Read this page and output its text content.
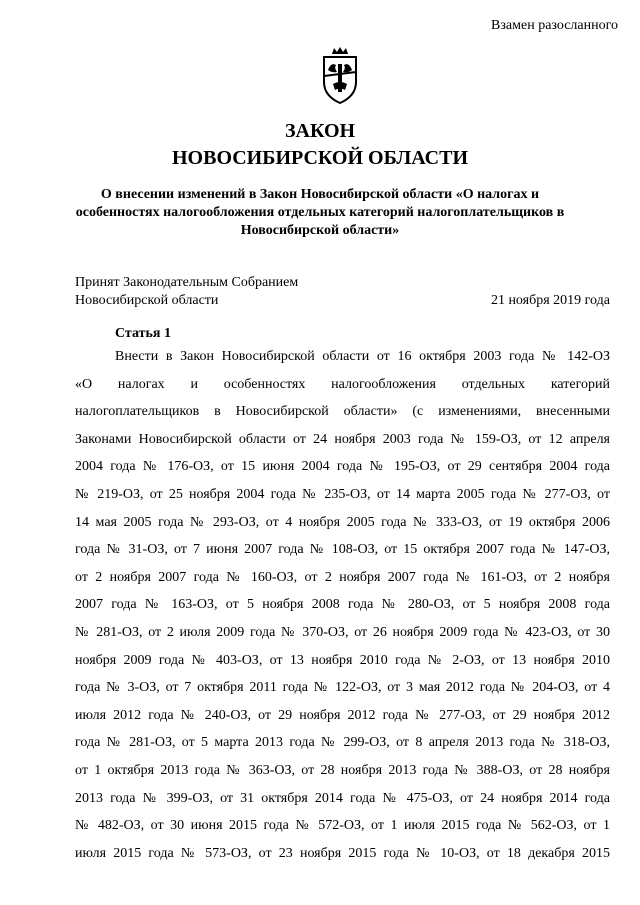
Взамен разосланного
ЗАКОН
НОВОСИБИРСКОЙ ОБЛАСТИ
О внесении изменений в Закон Новосибирской области «О налогах и особенностях налогообложения отдельных категорий налогоплательщиков в Новосибирской области»
Принят Законодательным Собранием
Новосибирской области	21 ноября 2019 года
Статья 1
Внести в Закон Новосибирской области от 16 октября 2003 года № 142-ОЗ
«О налогах и особенностях налогообложения отдельных категорий
налогоплательщиков в Новосибирской области» (с изменениями, внесенными
Законами Новосибирской области от 24 ноября 2003 года № 159-ОЗ, от 12 апреля
2004 года № 176-ОЗ, от 15 июня 2004 года № 195-ОЗ, от 29 сентября 2004 года
№ 219-ОЗ, от 25 ноября 2004 года № 235-ОЗ, от 14 марта 2005 года № 277-ОЗ, от
14 мая 2005 года № 293-ОЗ, от 4 ноября 2005 года № 333-ОЗ, от 19 октября 2006
года № 31-ОЗ, от 7 июня 2007 года № 108-ОЗ, от 15 октября 2007 года № 147-ОЗ,
от 2 ноября 2007 года № 160-ОЗ, от 2 ноября 2007 года № 161-ОЗ, от 2 ноября
2007 года № 163-ОЗ, от 5 ноября 2008 года № 280-ОЗ, от 5 ноября 2008 года
№ 281-ОЗ, от 2 июля 2009 года № 370-ОЗ, от 26 ноября 2009 года № 423-ОЗ, от 30
ноября 2009 года № 403-ОЗ, от 13 ноября 2010 года № 2-ОЗ, от 13 ноября 2010
года № 3-ОЗ, от 7 октября 2011 года № 122-ОЗ, от 3 мая 2012 года № 204-ОЗ, от 4
июля 2012 года № 240-ОЗ, от 29 ноября 2012 года № 277-ОЗ, от 29 ноября 2012
года № 281-ОЗ, от 5 марта 2013 года № 299-ОЗ, от 8 апреля 2013 года № 318-ОЗ,
от 1 октября 2013 года № 363-ОЗ, от 28 ноября 2013 года № 388-ОЗ, от 28 ноября
2013 года № 399-ОЗ, от 31 октября 2014 года № 475-ОЗ, от 24 ноября 2014 года
№ 482-ОЗ, от 30 июня 2015 года № 572-ОЗ, от 1 июля 2015 года № 562-ОЗ, от 1
июля 2015 года № 573-ОЗ, от 23 ноября 2015 года № 10-ОЗ, от 18 декабря 2015
